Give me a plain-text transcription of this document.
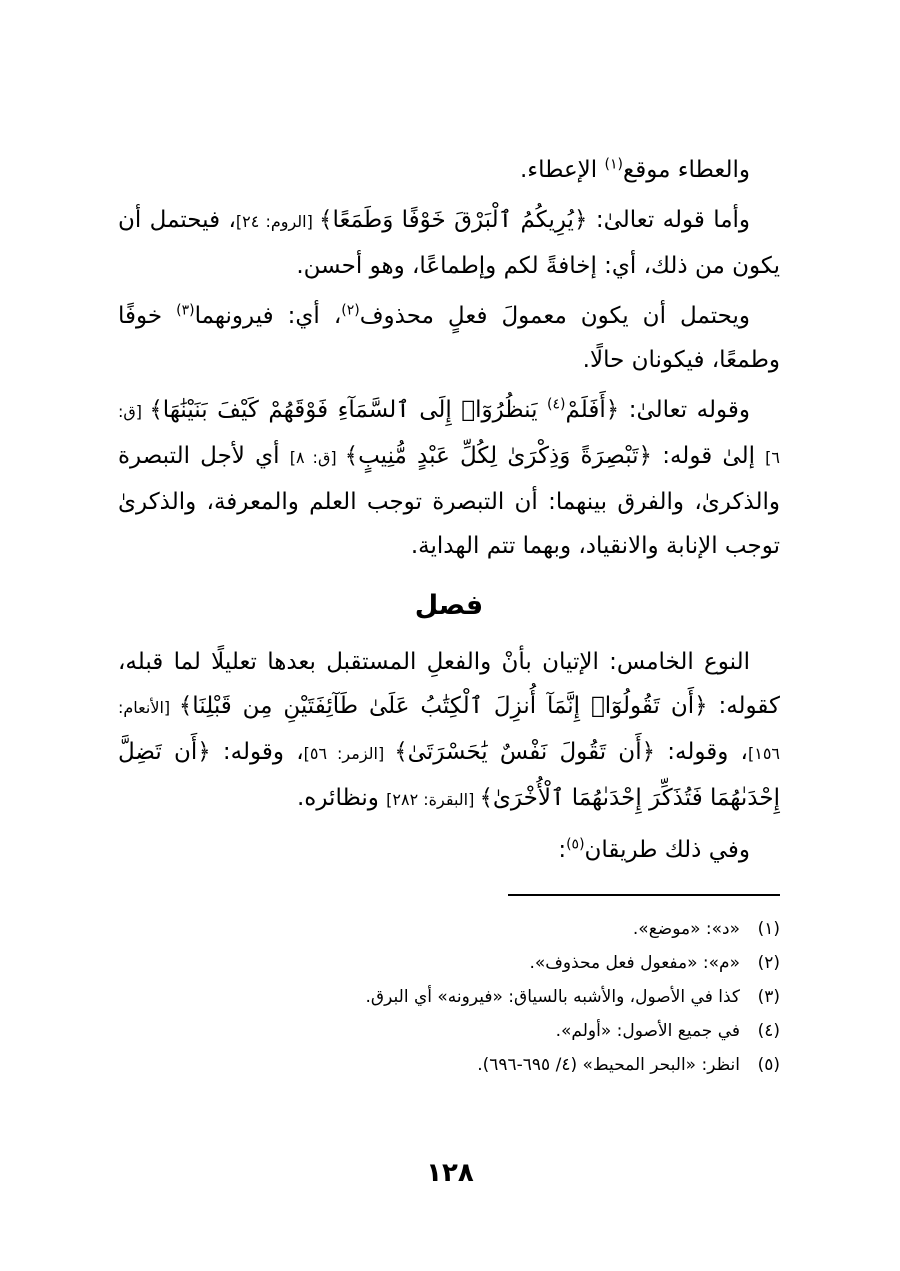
والعطاء موقع$^{(١)}$ الإعطاء.

وأما قوله تعالىٰ: ﴿يُرِيكُمُ ٱلْبَرْقَ خَوْفًا وَطَمَعًا﴾ [الروم: ٢٤]، فيحتمل أن يكون من ذلك، أي: إخافةً لكم وإطماعًا، وهو أحسن.

ويحتمل أن يكون معمولَ فعلٍ محذوف$^{(٢)}$، أي: فيرونهما$^{(٣)}$ خوفًا وطمعًا، فيكونان حالًا.

وقوله تعالىٰ: ﴿أَفَلَمْ$^{(٤)}$ يَنظُرُوٓا۟ إِلَى ٱلسَّمَآءِ فَوْقَهُمْ كَيْفَ بَنَيْنَٰهَا﴾ [ق: ٦] إلىٰ قوله: ﴿تَبْصِرَةً وَذِكْرَىٰ لِكُلِّ عَبْدٍ مُّنِيبٍ﴾ [ق: ٨] أي لأجل التبصرة والذكرىٰ، والفرق بينهما: أن التبصرة توجب العلم والمعرفة، والذكرىٰ توجب الإنابة والانقياد، وبهما تتم الهداية.

فصل

النوع الخامس: الإتيان بأنْ والفعلِ المستقبل بعدها تعليلًا لما قبله، كقوله: ﴿أَن تَقُولُوٓا۟ إِنَّمَآ أُنزِلَ ٱلْكِتَٰبُ عَلَىٰ طَآئِفَتَيْنِ مِن قَبْلِنَا﴾ [الأنعام: ١٥٦]، وقوله: ﴿أَن تَقُولَ نَفْسٌ يَٰحَسْرَتَىٰ﴾ [الزمر: ٥٦]، وقوله: ﴿أَن تَضِلَّ إِحْدَىٰهُمَا فَتُذَكِّرَ إِحْدَىٰهُمَا ٱلْأُخْرَىٰ﴾ [البقرة: ٢٨٢] ونظائره.

وفي ذلك طريقان$^{(٥)}$:

(١)«د»: «موضع».
(٢)«م»: «مفعول فعل محذوف».
(٣)كذا في الأصول، والأشبه بالسياق: «فيرونه» أي البرق.
(٤)في جميع الأصول: «أولم».
(٥)انظر: «البحر المحيط» (٤/ ٦٩٥-٦٩٦).
١٢٨
